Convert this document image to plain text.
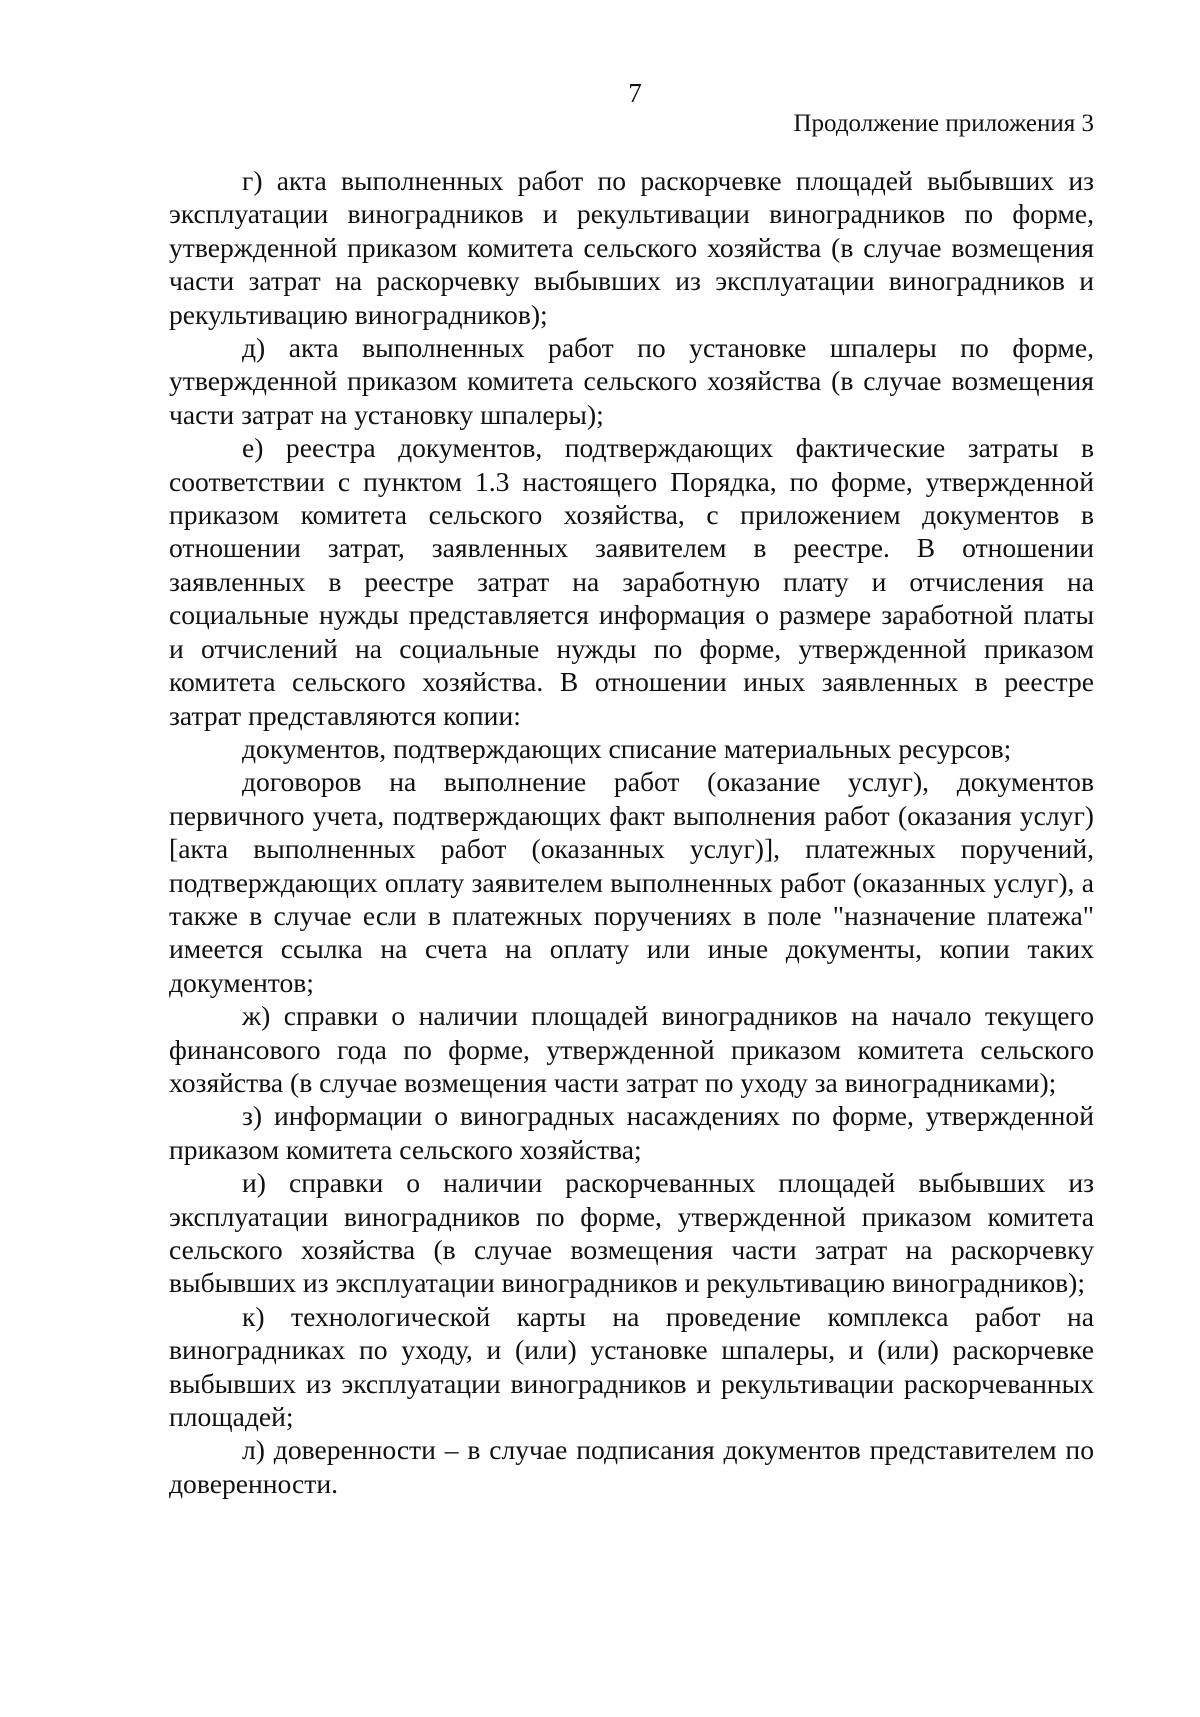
7
Продолжение приложения 3

г) акта выполненных работ по раскорчевке площадей выбывших из эксплуатации виноградников и рекультивации виноградников по форме, утвержденной приказом комитета сельского хозяйства (в случае возмещения части затрат на раскорчевку выбывших из эксплуатации виноградников и рекультивацию виноградников);

д) акта выполненных работ по установке шпалеры по форме, утвержденной приказом комитета сельского хозяйства (в случае возмещения части затрат на установку шпалеры);

е) реестра документов, подтверждающих фактические затраты в соответствии с пунктом 1.3 настоящего Порядка, по форме, утвержденной приказом комитета сельского хозяйства, с приложением документов в отношении затрат, заявленных заявителем в реестре. В отношении заявленных в реестре затрат на заработную плату и отчисления на социальные нужды представляется информация о размере заработной платы и отчислений на социальные нужды по форме, утвержденной приказом комитета сельского хозяйства. В отношении иных заявленных в реестре затрат представляются копии:

документов, подтверждающих списание материальных ресурсов;

договоров на выполнение работ (оказание услуг), документов первичного учета, подтверждающих факт выполнения работ (оказания услуг) [акта выполненных работ (оказанных услуг)], платежных поручений, подтверждающих оплату заявителем выполненных работ (оказанных услуг), а также в случае если в платежных поручениях в поле "назначение платежа" имеется ссылка на счета на оплату или иные документы, копии таких документов;

ж) справки о наличии площадей виноградников на начало текущего финансового года по форме, утвержденной приказом комитета сельского хозяйства (в случае возмещения части затрат по уходу за виноградниками);

з) информации о виноградных насаждениях по форме, утвержденной приказом комитета сельского хозяйства;

и) справки о наличии раскорчеванных площадей выбывших из эксплуатации виноградников по форме, утвержденной приказом комитета сельского хозяйства (в случае возмещения части затрат на раскорчевку выбывших из эксплуатации виноградников и рекультивацию виноградников);

к) технологической карты на проведение комплекса работ на виноградниках по уходу, и (или) установке шпалеры, и (или) раскорчевке выбывших из эксплуатации виноградников и рекультивации раскорчеванных площадей;

л) доверенности – в случае подписания документов представителем по доверенности.
